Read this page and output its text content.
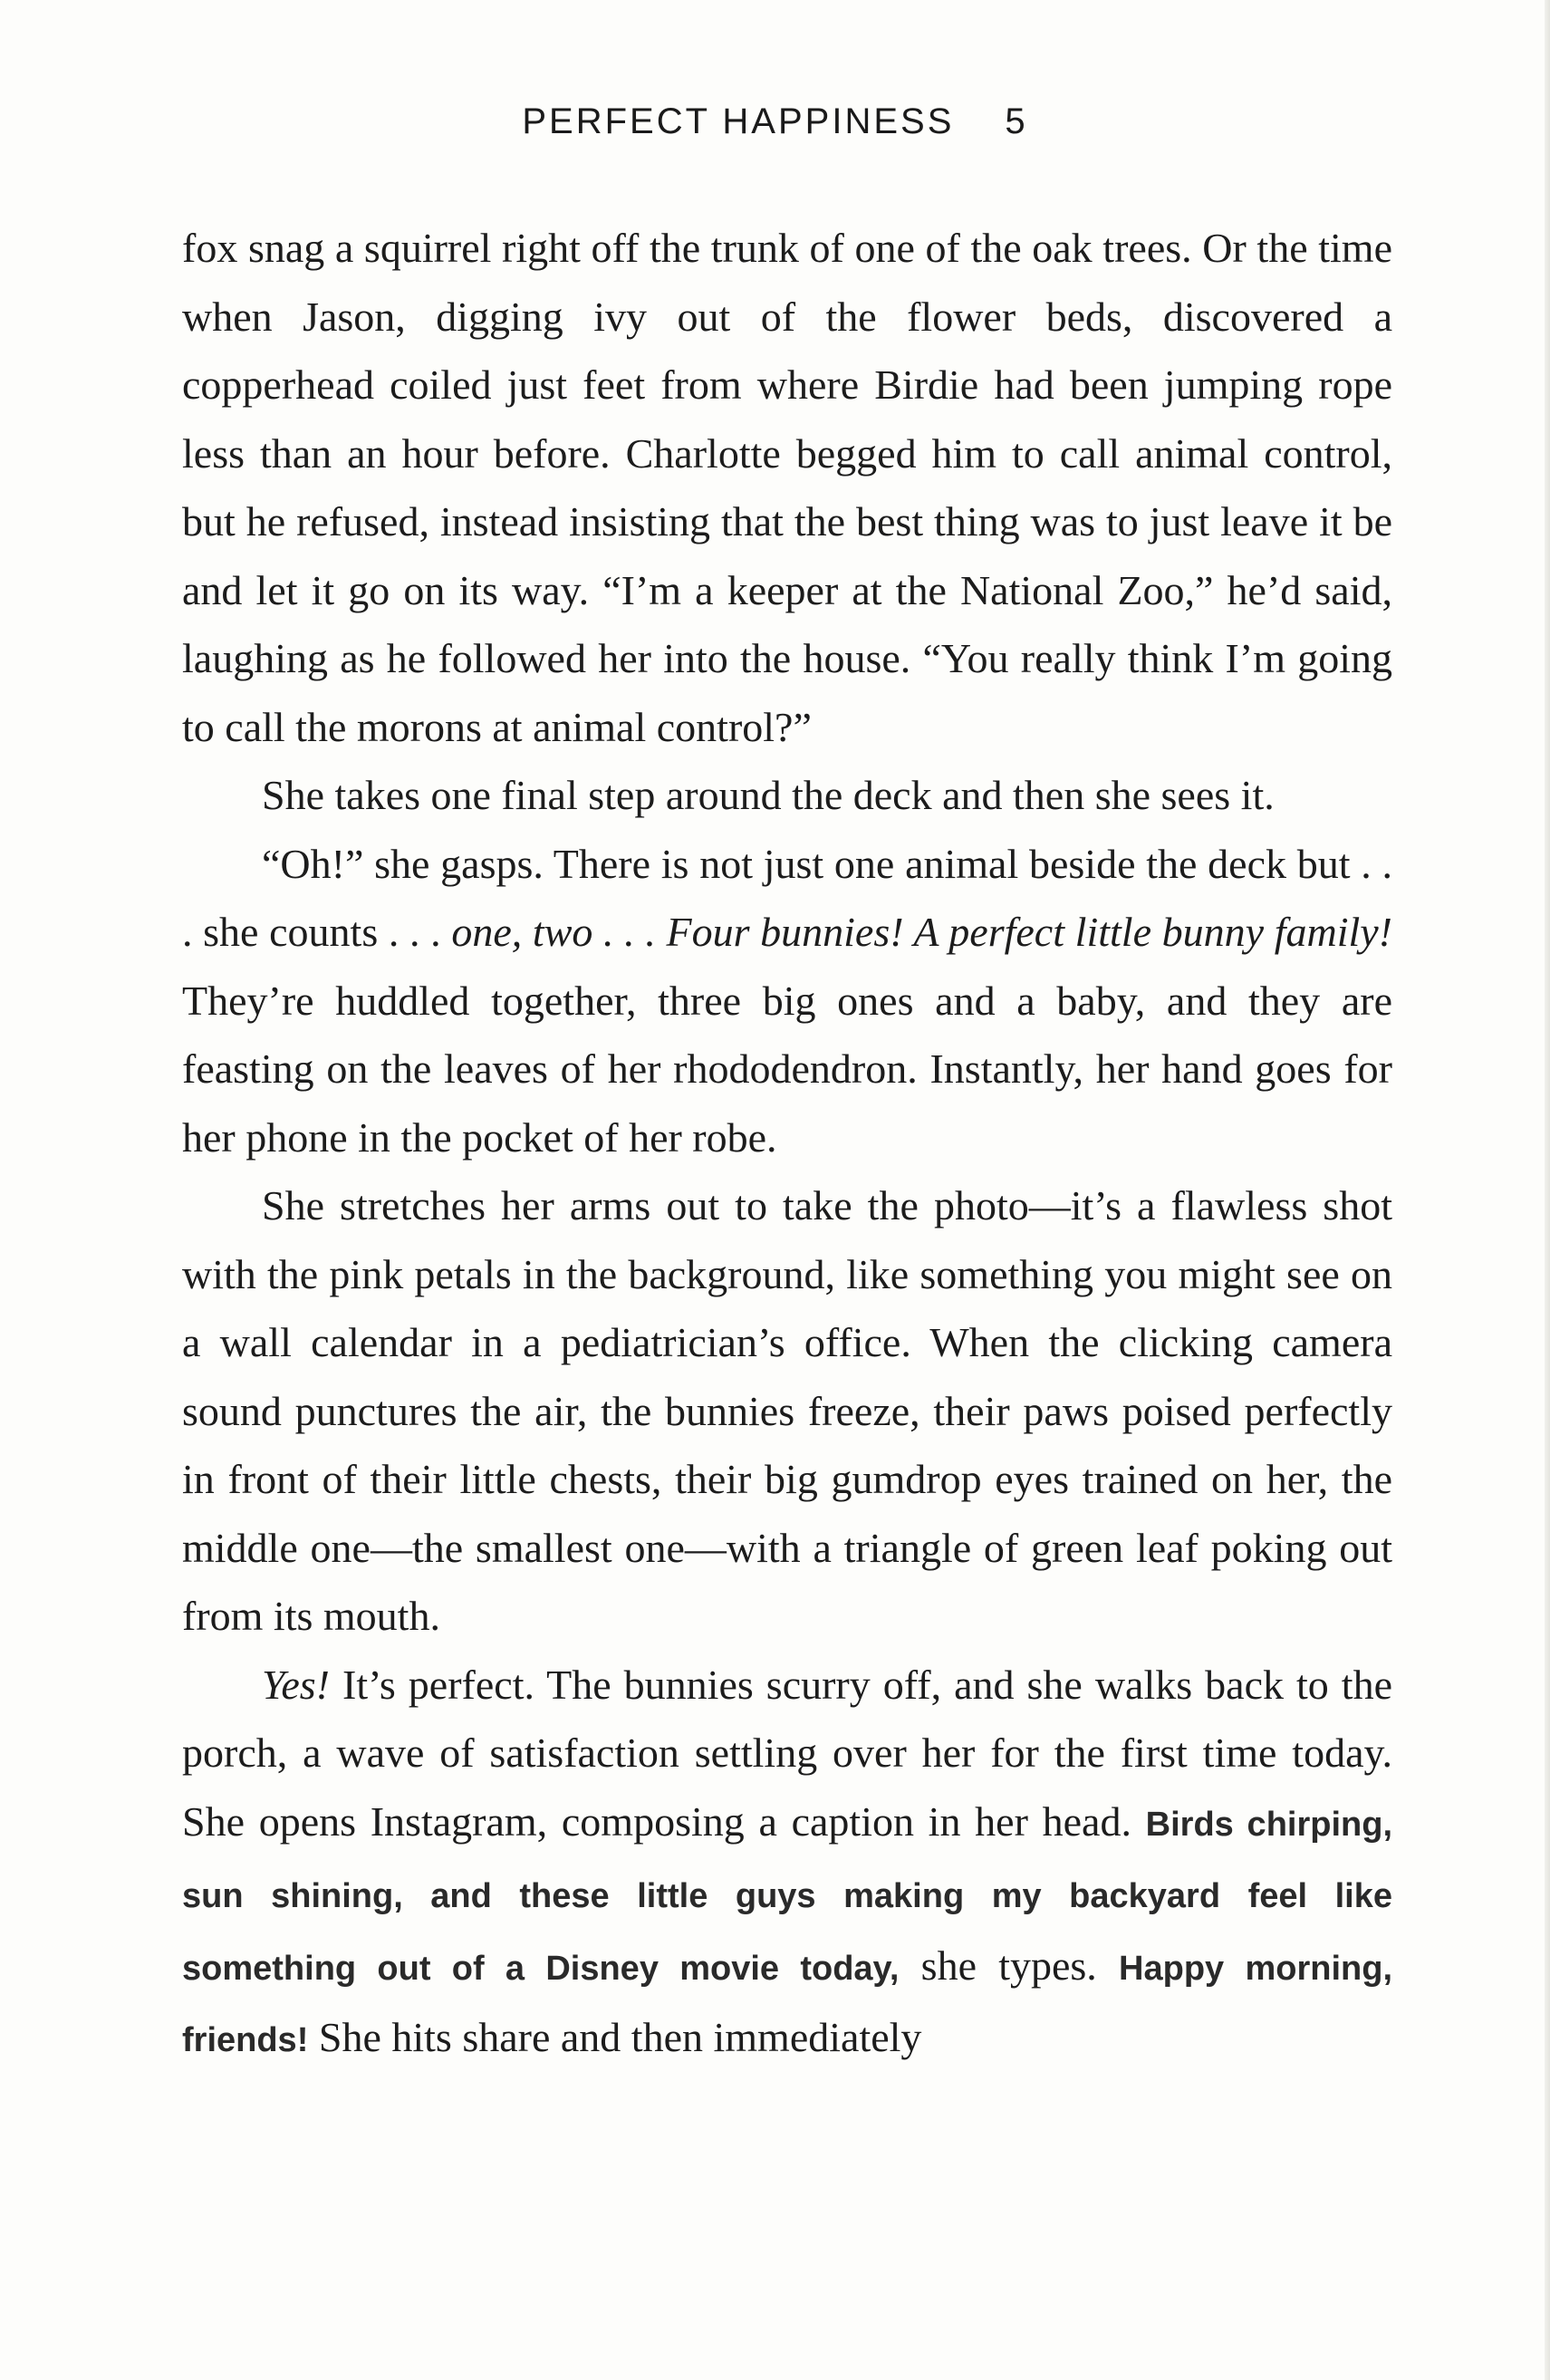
PERFECT HAPPINESS 5

fox snag a squirrel right off the trunk of one of the oak trees. Or the time when Jason, digging ivy out of the flower beds, discovered a copperhead coiled just feet from where Birdie had been jumping rope less than an hour before. Charlotte begged him to call animal control, but he refused, instead insisting that the best thing was to just leave it be and let it go on its way. “I’m a keeper at the National Zoo,” he’d said, laughing as he followed her into the house. “You really think I’m going to call the morons at animal control?”

She takes one final step around the deck and then she sees it.

“Oh!” she gasps. There is not just one animal beside the deck but . . . she counts . . . one, two . . . Four bunnies! A perfect little bunny family! They’re huddled together, three big ones and a baby, and they are feasting on the leaves of her rhododendron. Instantly, her hand goes for her phone in the pocket of her robe.

She stretches her arms out to take the photo—it’s a flawless shot with the pink petals in the background, like something you might see on a wall calendar in a pediatrician’s office. When the clicking camera sound punctures the air, the bunnies freeze, their paws poised perfectly in front of their little chests, their big gumdrop eyes trained on her, the middle one—the smallest one—with a triangle of green leaf poking out from its mouth.

Yes! It’s perfect. The bunnies scurry off, and she walks back to the porch, a wave of satisfaction settling over her for the first time today. She opens Instagram, composing a caption in her head. Birds chirping, sun shining, and these little guys making my backyard feel like something out of a Disney movie today, she types. Happy morning, friends! She hits share and then immediately
